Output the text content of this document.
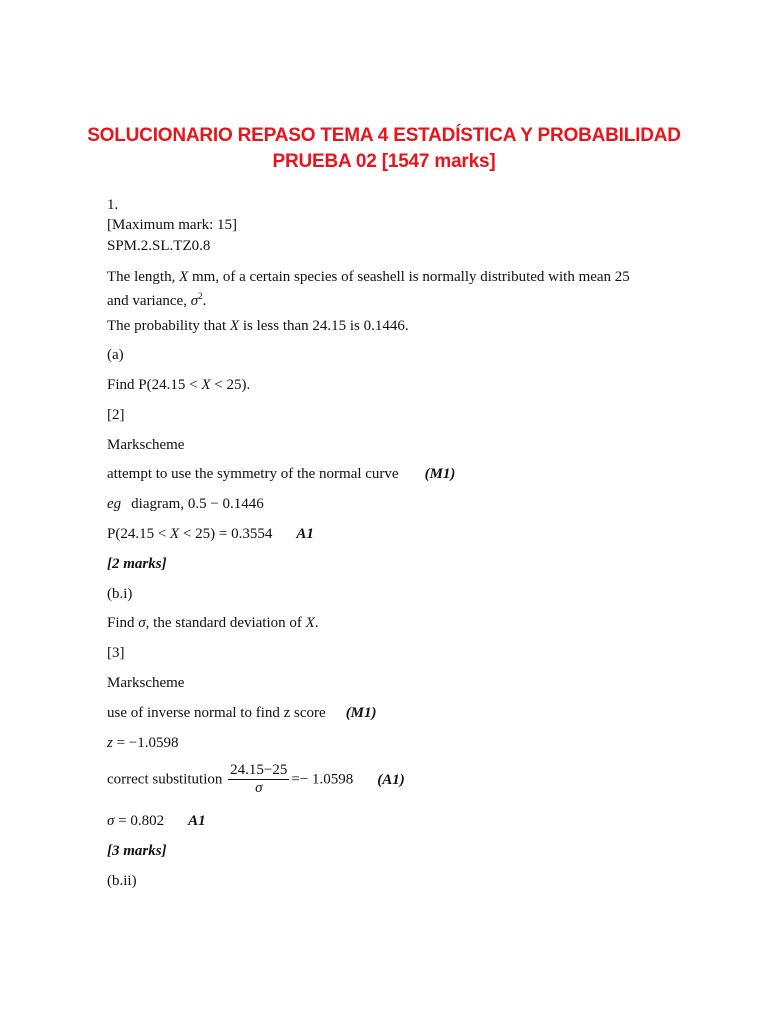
SOLUCIONARIO REPASO TEMA 4 ESTADÍSTICA Y PROBABILIDAD
PRUEBA 02 [1547 marks]
1.
[Maximum mark: 15]
SPM.2.SL.TZ0.8
The length, X mm, of a certain species of seashell is normally distributed with mean 25
and variance, $\sigma^2$.
The probability that X is less than 24.15 is 0.1446.
(a)
Find P(24.15 < X < 25).
[2]
Markscheme
attempt to use the symmetry of the normal curve (M1)
eg diagram, 0.5 − 0.1446
P(24.15 < X < 25) = 0.3554 A1
[2 marks]
(b.i)
Find σ, the standard deviation of X.
[3]
Markscheme
use of inverse normal to find z score (M1)
z = −1.0598
correct substitution $\frac{24.15-25}{\sigma} =- 1.0598$ (A1)
σ = 0.802 A1
[3 marks]
(b.ii)
